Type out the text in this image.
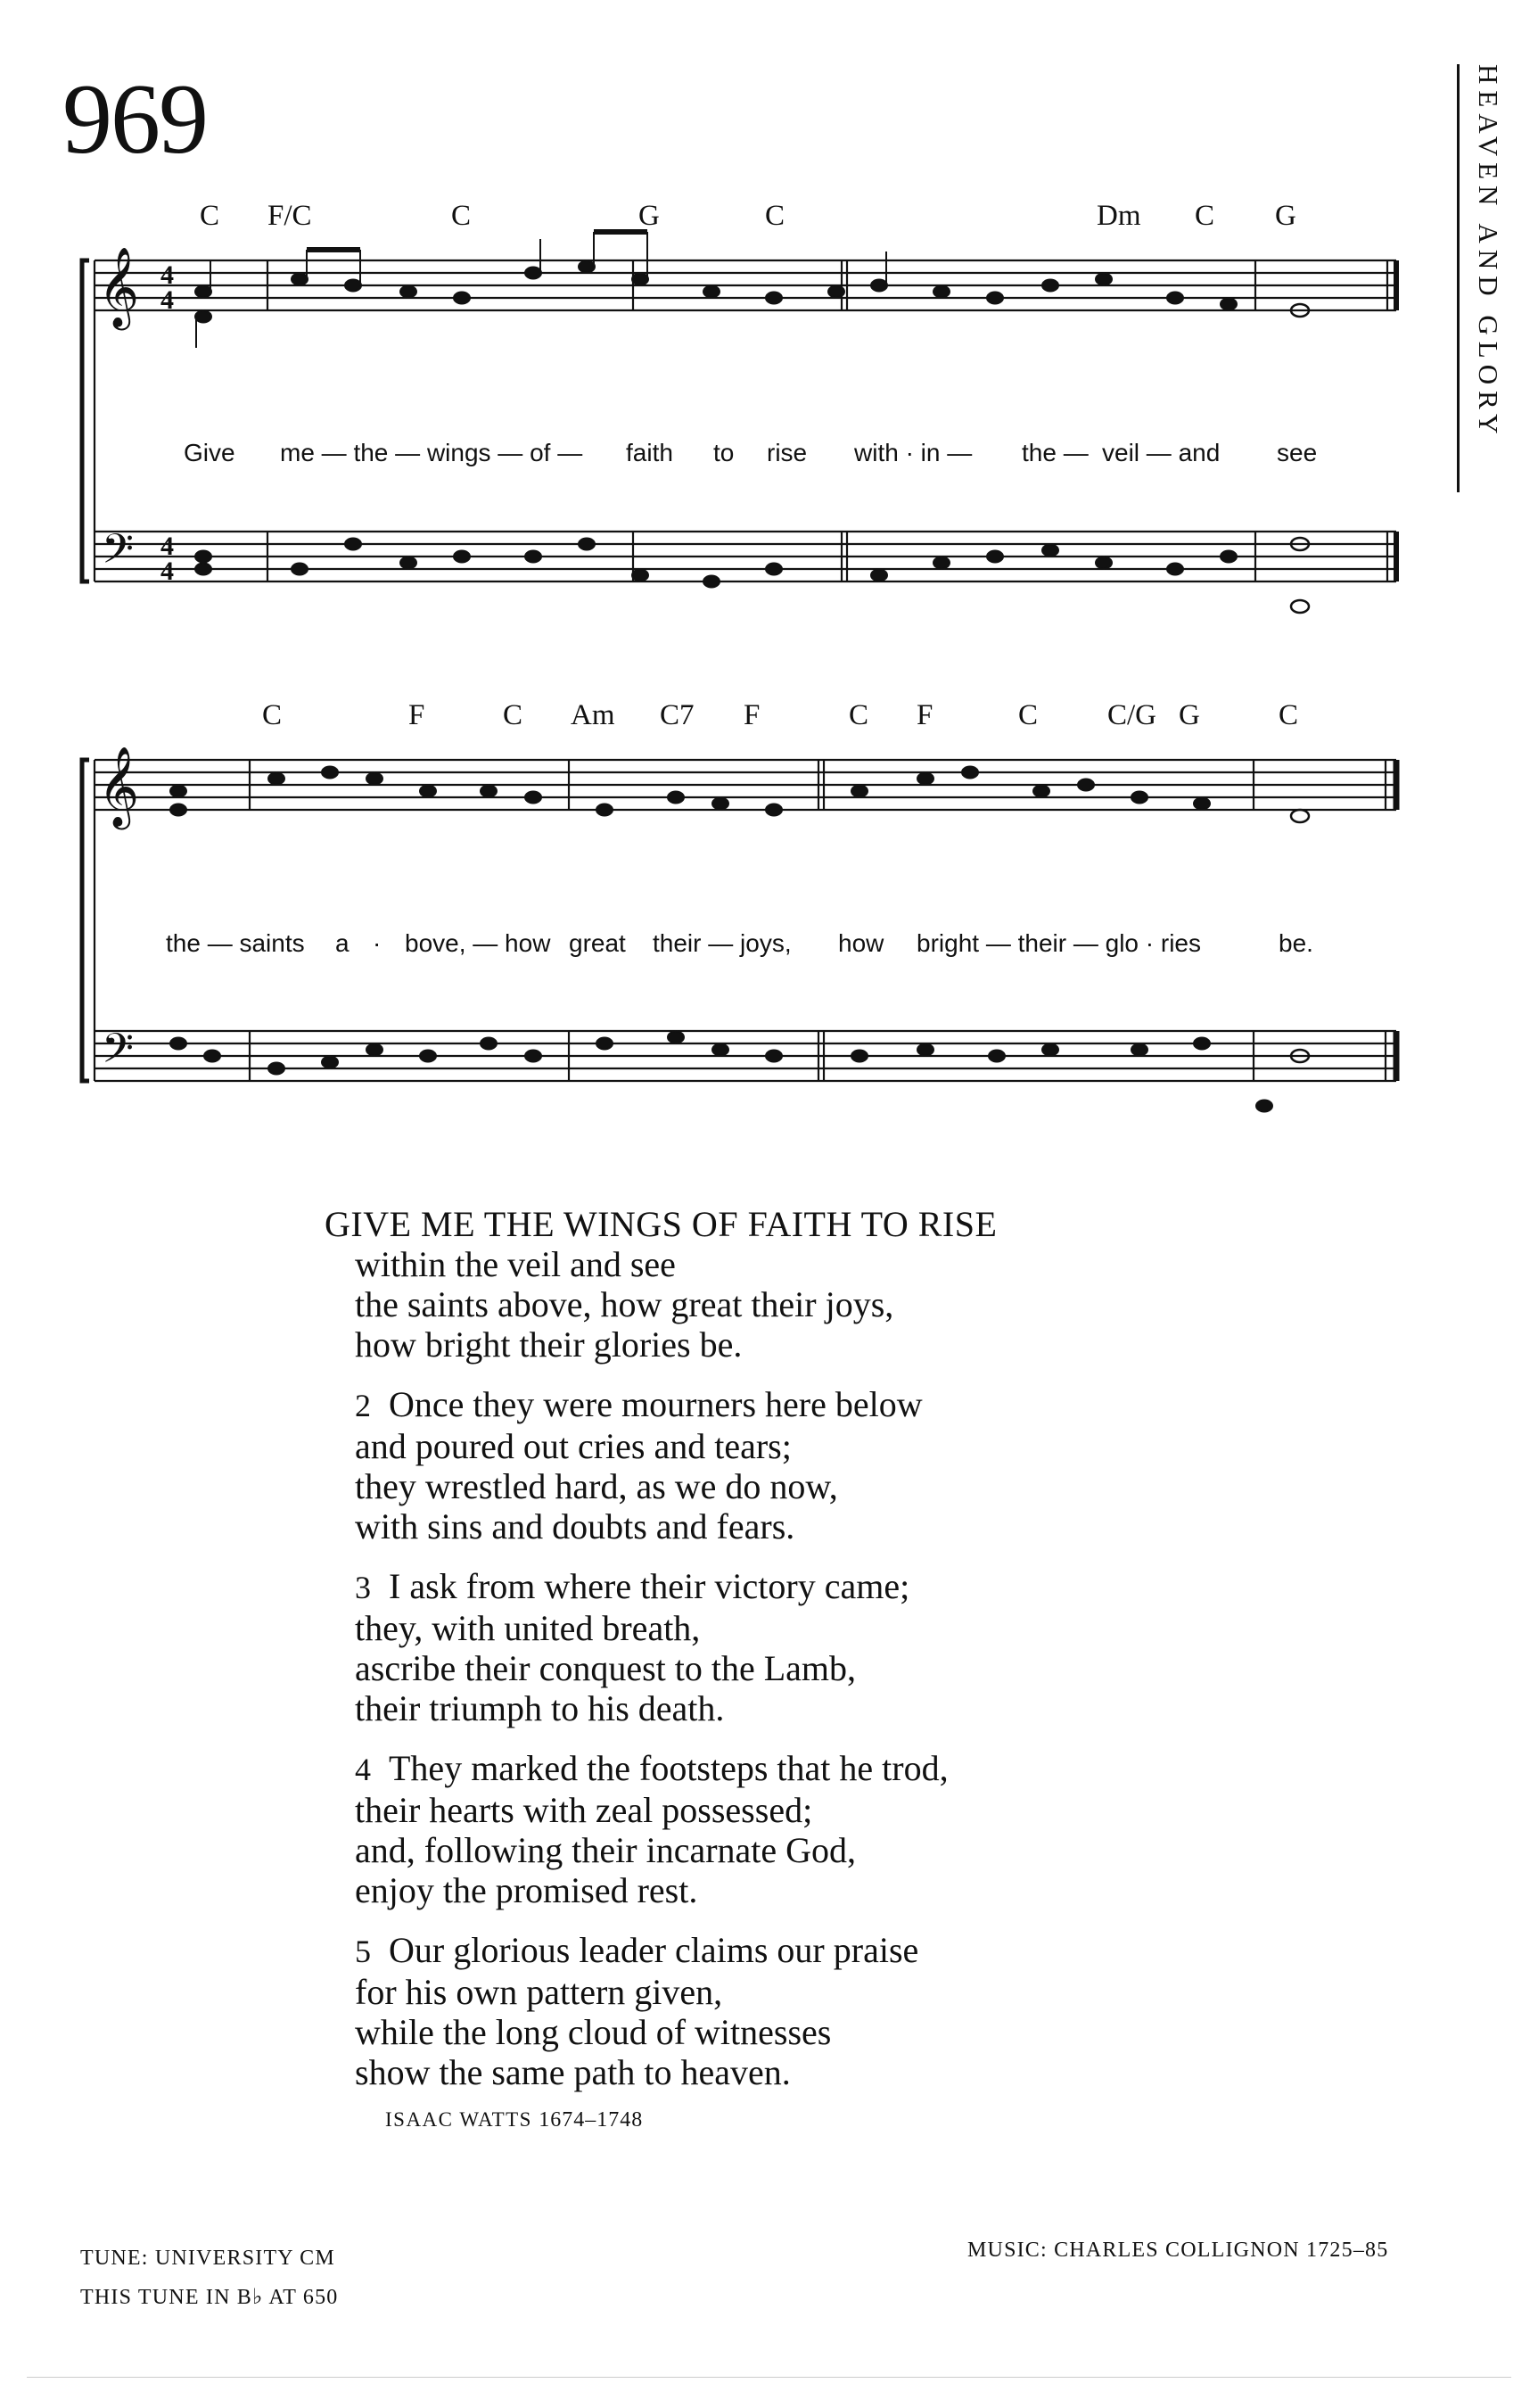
969	HEAVEN AND GLORY
C F/C	C	G	C	Dm C G
𝄞
𝄢
4
4
4
4
Give me — the — wings — of — faith to rise with · in — the — veil — and see
C	F	C Am C7 F	C F	C C/G G	C
𝄞
𝄢
the — saints a · bove, — how great their — joys, how bright — their — glo · ries	be.
GIVE ME THE WINGS OF FAITH TO RISE
within the veil and see
the saints above, how great their joys,
how bright their glories be.
2 Once they were mourners here below
and poured out cries and tears;
they wrestled hard, as we do now,
with sins and doubts and fears.
3 I ask from where their victory came;
they, with united breath,
ascribe their conquest to the Lamb,
their triumph to his death.
4 They marked the footsteps that he trod,
their hearts with zeal possessed;
and, following their incarnate God,
enjoy the promised rest.
5 Our glorious leader claims our praise
for his own pattern given,
while the long cloud of witnesses
show the same path to heaven.
ISAAC WATTS 1674–1748
TUNE: UNIVERSITY CM
THIS TUNE IN B♭ AT 650
MUSIC: CHARLES COLLIGNON 1725–85
